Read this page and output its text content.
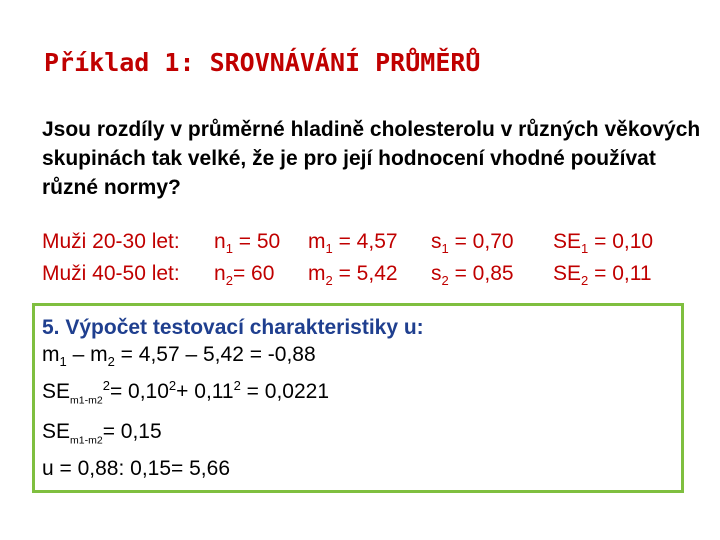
Příklad 1: SROVNÁVÁNÍ PRŮMĚRŮ

Jsou rozdíly v průměrné hladině cholesterolu v různých věkových skupinách tak velké, že je pro její hodnocení vhodné používat různé normy?

Muži 20-30 let: $n_1 = 50$ $m_1 = 4,57$ $s_1 = 0,70$ $SE_1 = 0,10$
Muži 40-50 let: $n_2= 60$ $m_2 = 5,42$ $s_2 = 0,85$ $SE_2 = 0,11$
5. Výpočet testovací charakteristiky u:
$m_1 - m_2 = 4,57 - 5,42 = -0,88$
$SE_{m1-m2}^2= 0,10^2+ 0,11^2 = 0,0221$
$SE_{m1-m2}= 0,15$
u = 0,88: 0,15= 5,66
